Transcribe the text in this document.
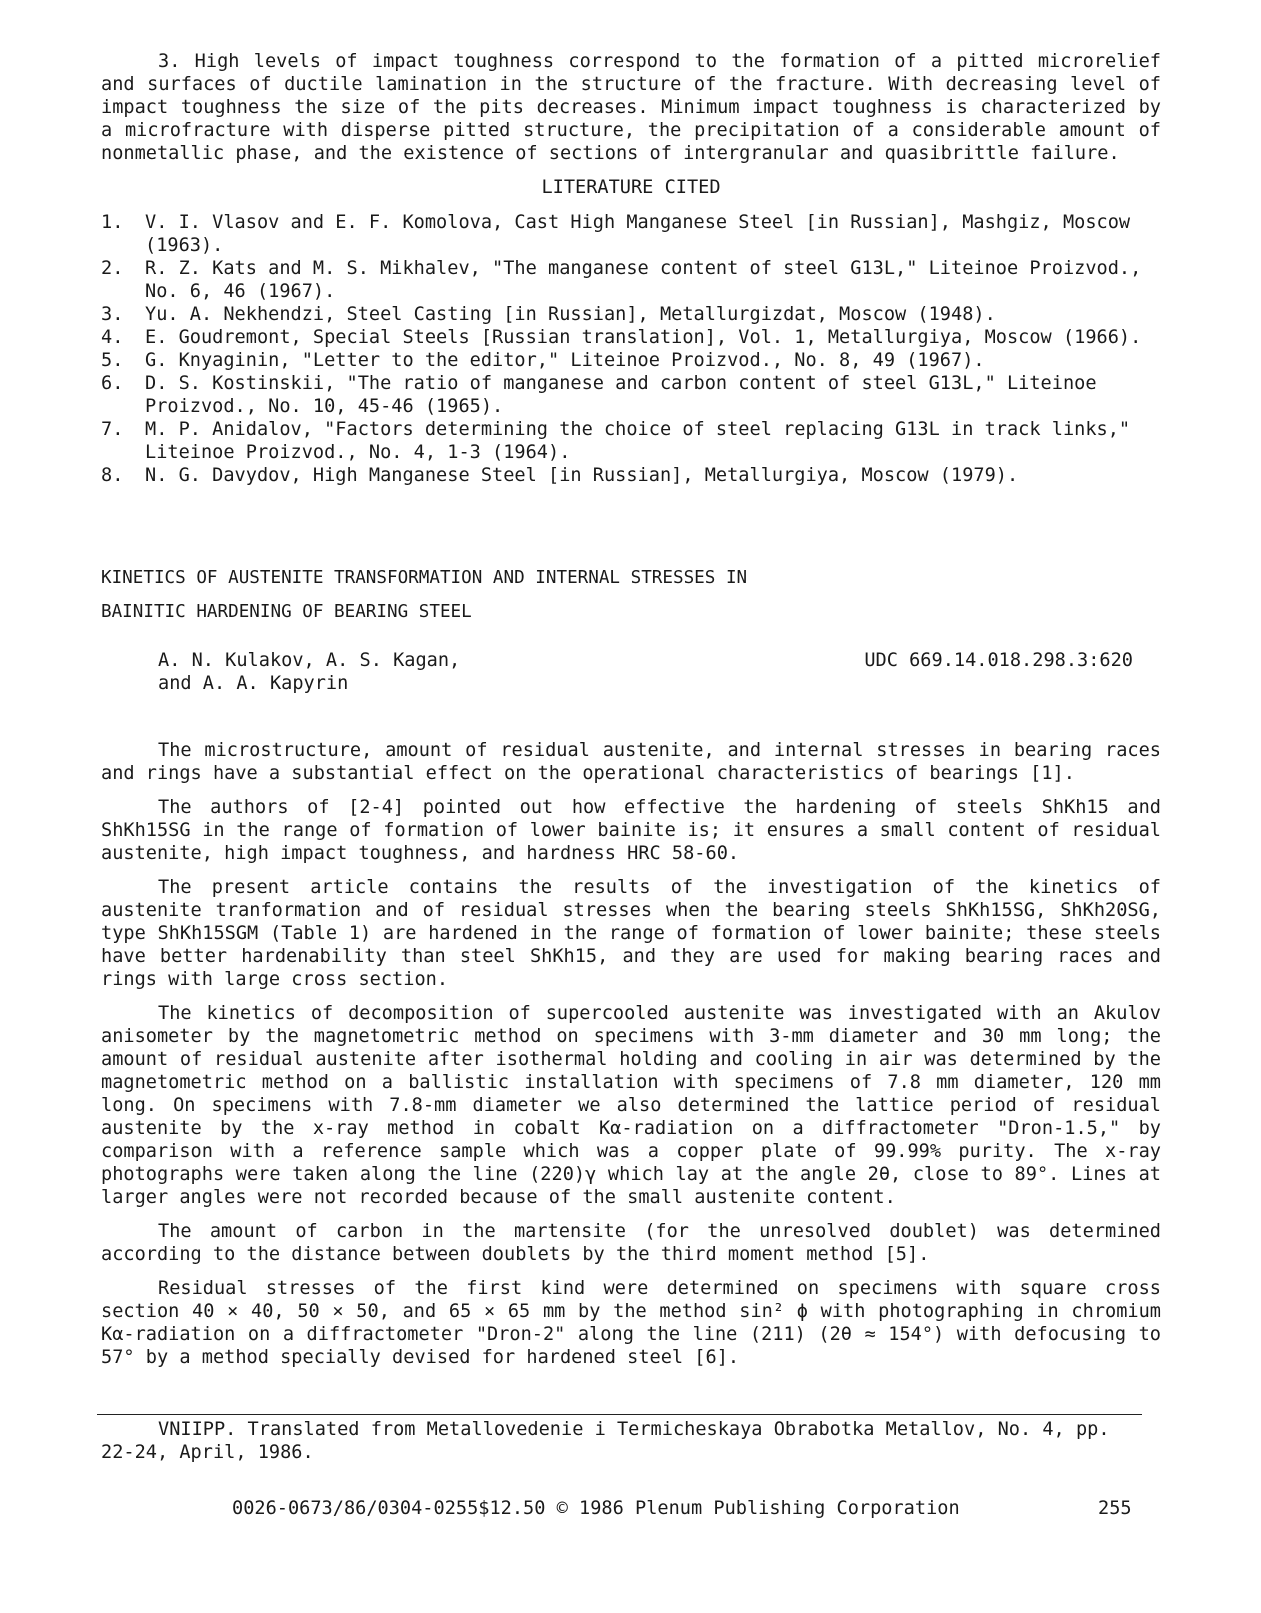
3. High levels of impact toughness correspond to the formation of a pitted microrelief and surfaces of ductile lamination in the structure of the fracture. With decreasing level of impact toughness the size of the pits decreases. Minimum impact toughness is characterized by a microfracture with disperse pitted structure, the precipitation of a considerable amount of nonmetallic phase, and the existence of sections of intergranular and quasibrittle failure.

LITERATURE CITED

1. V. I. Vlasov and E. F. Komolova, Cast High Manganese Steel [in Russian], Mashgiz, Moscow (1963).
2. R. Z. Kats and M. S. Mikhalev, "The manganese content of steel G13L," Liteinoe Proizvod., No. 6, 46 (1967).
3. Yu. A. Nekhendzi, Steel Casting [in Russian], Metallurgizdat, Moscow (1948).
4. E. Goudremont, Special Steels [Russian translation], Vol. 1, Metallurgiya, Moscow (1966).
5. G. Knyaginin, "Letter to the editor," Liteinoe Proizvod., No. 8, 49 (1967).
6. D. S. Kostinskii, "The ratio of manganese and carbon content of steel G13L," Liteinoe Proizvod., No. 10, 45-46 (1965).
7. M. P. Anidalov, "Factors determining the choice of steel replacing G13L in track links," Liteinoe Proizvod., No. 4, 1-3 (1964).
8. N. G. Davydov, High Manganese Steel [in Russian], Metallurgiya, Moscow (1979).
KINETICS OF AUSTENITE TRANSFORMATION AND INTERNAL STRESSES IN
BAINITIC HARDENING OF BEARING STEEL
A. N. Kulakov, A. S. Kagan,
and A. A. Kapyrin
UDC 669.14.018.298.3:620

The microstructure, amount of residual austenite, and internal stresses in bearing races and rings have a substantial effect on the operational characteristics of bearings [1].

The authors of [2-4] pointed out how effective the hardening of steels ShKh15 and ShKh15SG in the range of formation of lower bainite is; it ensures a small content of residual austenite, high impact toughness, and hardness HRC 58-60.

The present article contains the results of the investigation of the kinetics of austenite tranformation and of residual stresses when the bearing steels ShKh15SG, ShKh20SG, type ShKh15SGM (Table 1) are hardened in the range of formation of lower bainite; these steels have better hardenability than steel ShKh15, and they are used for making bearing races and rings with large cross section.

The kinetics of decomposition of supercooled austenite was investigated with an Akulov anisometer by the magnetometric method on specimens with 3-mm diameter and 30 mm long; the amount of residual austenite after isothermal holding and cooling in air was determined by the magnetometric method on a ballistic installation with specimens of 7.8 mm diameter, 120 mm long. On specimens with 7.8-mm diameter we also determined the lattice period of residual austenite by the x-ray method in cobalt Kα-radiation on a diffractometer "Dron-1.5," by comparison with a reference sample which was a copper plate of 99.99% purity. The x-ray photographs were taken along the line (220)γ which lay at the angle 2θ, close to 89°. Lines at larger angles were not recorded because of the small austenite content.

The amount of carbon in the martensite (for the unresolved doublet) was determined according to the distance between doublets by the third moment method [5].

Residual stresses of the first kind were determined on specimens with square cross section 40 × 40, 50 × 50, and 65 × 65 mm by the method sin² ϕ with photographing in chromium Kα-radiation on a diffractometer "Dron-2" along the line (211) (2θ ≈ 154°) with defocusing to 57° by a method specially devised for hardened steel [6].

VNIIPP. Translated from Metallovedenie i Termicheskaya Obrabotka Metallov, No. 4, pp. 22-24, April, 1986.

0026-0673/86/0304-0255$12.50 © 1986 Plenum Publishing Corporation	255
